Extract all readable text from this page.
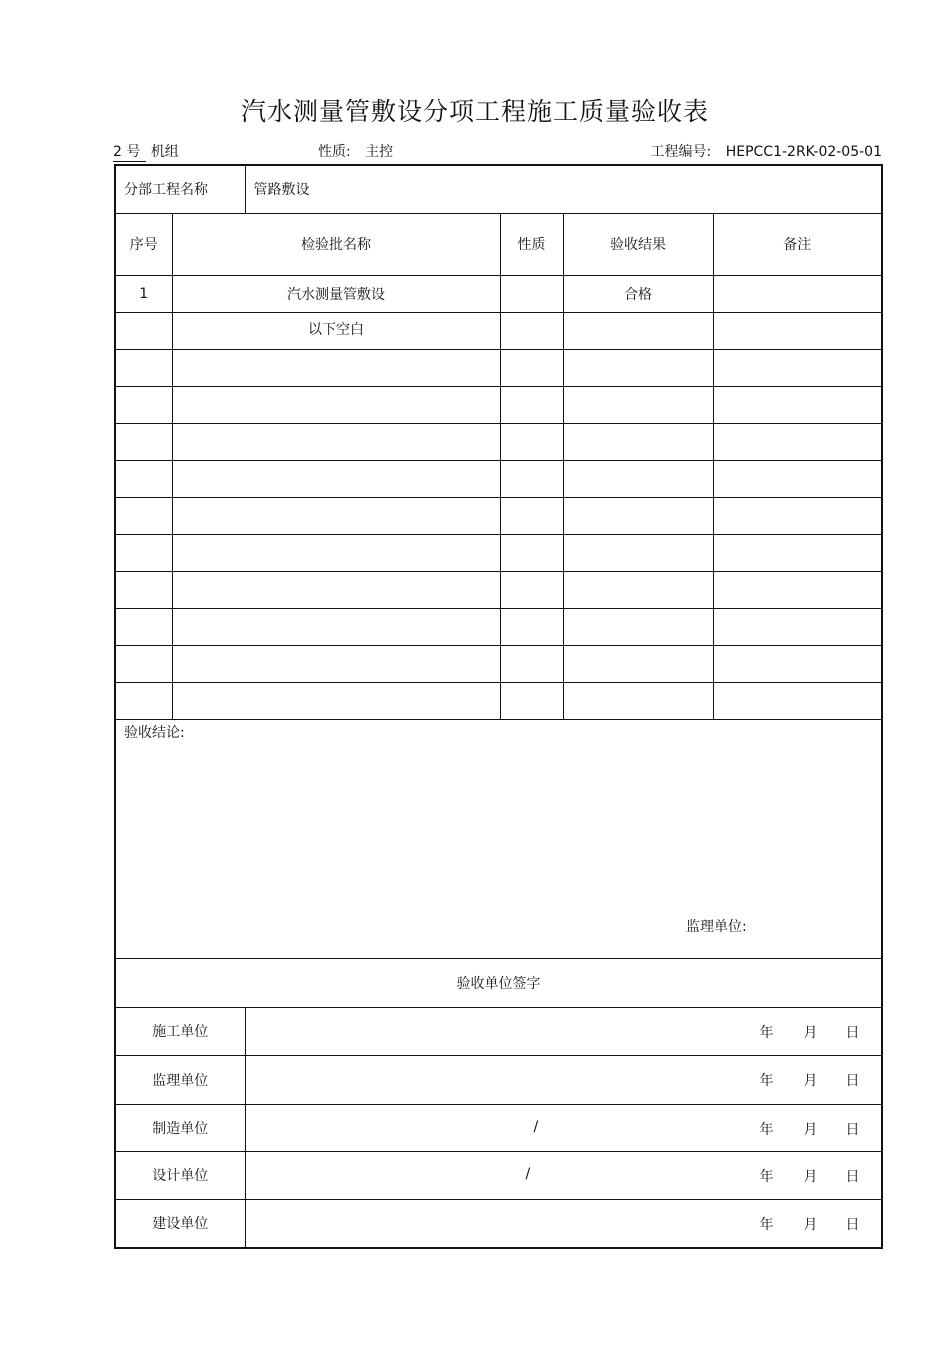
汽水测量管敷设分项工程施工质量验收表
2 号 机组	性质: 主控	工程编号: HEPCC1-2RK-02-05-01
分部工程名称		管路敷设			
序号	检验批名称		性质	验收结果	备注
1	汽水测量管敷设			合格	
	以下空白				

验收结论:
监理单位:					

验收单位签字					
施工单位		年 月 日			

监理单位		年 月 日			

制造单位		/ 年 月 日			

设计单位		/ 年 月 日			

建设单位		年 月 日			
